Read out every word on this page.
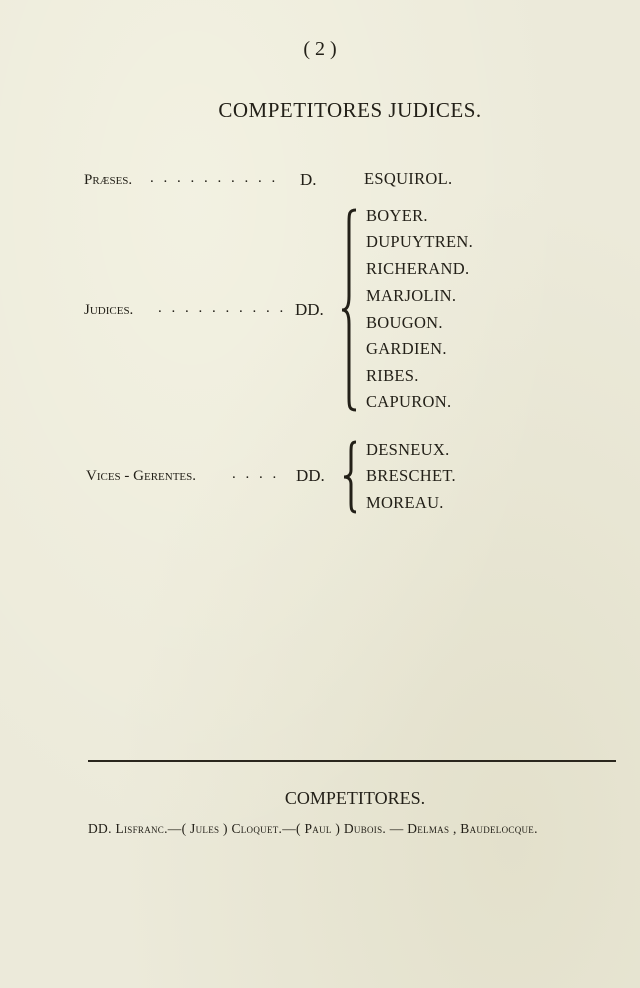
( 2 )
COMPETITORES JUDICES.
Præses. . . . . . . . . . . D.	ESQUIROL.
Judices. . . . . . . . . . . DD.
BOYER.
DUPUYTREN.
RICHERAND.
MARJOLIN.
BOUGON.
GARDIEN.
RIBES.
CAPURON.
Vices - Gerentes. . . . . DD.
DESNEUX.
BRESCHET.
MOREAU.
COMPETITORES.
DD. Lisfranc.—( Jules ) Cloquet.—( Paul ) Dubois. — Delmas , Baudelocque.
